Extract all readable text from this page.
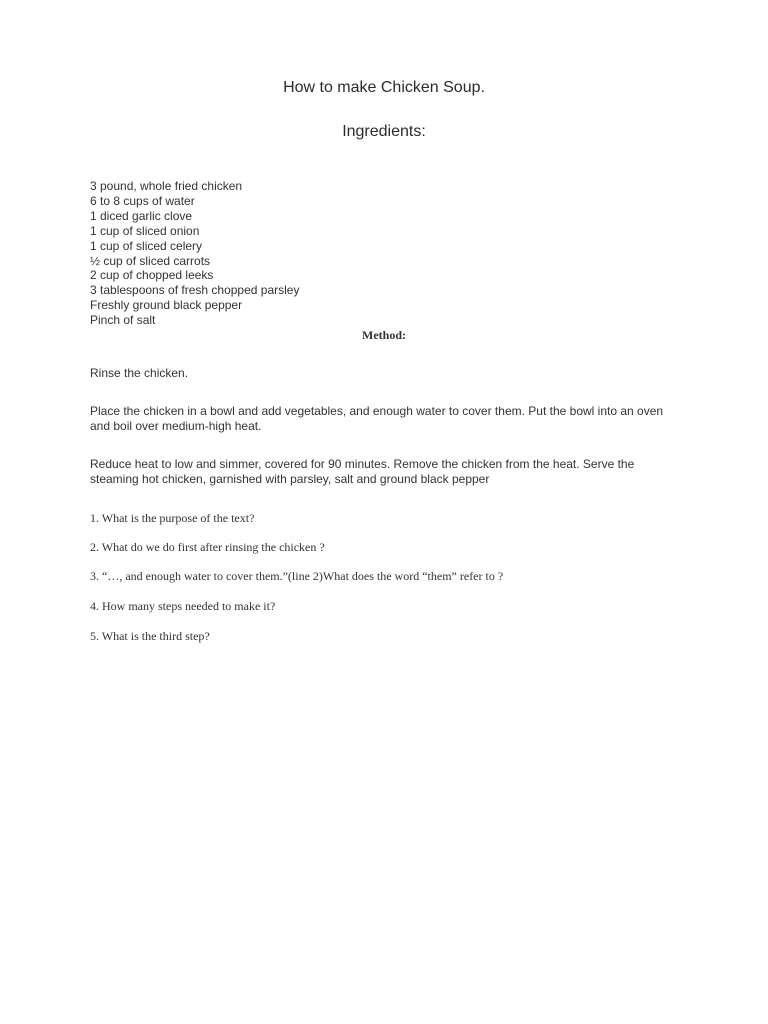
How to make Chicken Soup.
Ingredients:
3 pound, whole fried chicken
6 to 8 cups of water
1 diced garlic clove
1 cup of sliced onion
1 cup of sliced celery
½ cup of sliced carrots
2 cup of chopped leeks
3 tablespoons of fresh chopped parsley
Freshly ground black pepper
Pinch of salt
Method:

Rinse the chicken.

Place the chicken in a bowl and add vegetables, and enough water to cover them. Put the bowl into an oven and boil over medium-high heat.

Reduce heat to low and simmer, covered for 90 minutes. Remove the chicken from the heat. Serve the steaming hot chicken, garnished with parsley, salt and ground black pepper

1. What is the purpose of the text?

2. What do we do first after rinsing the chicken ?

3. “…, and enough water to cover them.”(line 2)What does the word “them” refer to ?

4. How many steps needed to make it?

5. What is the third step?
